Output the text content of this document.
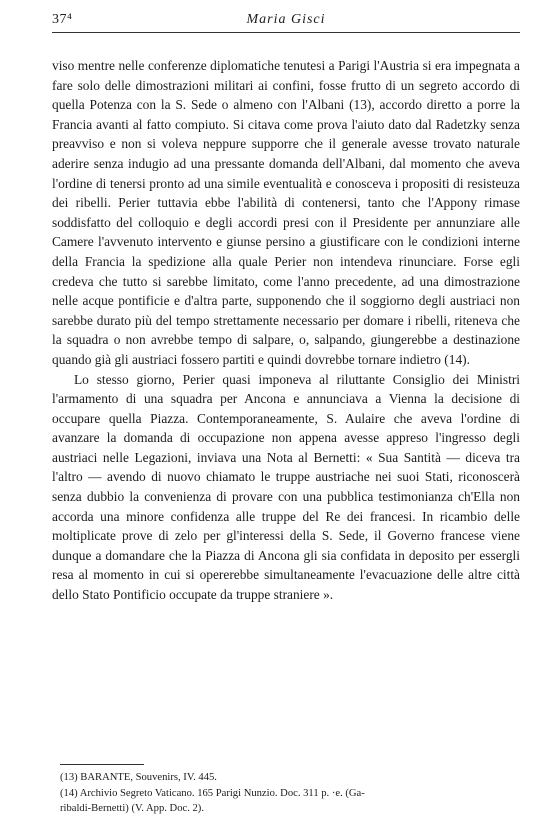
37⁴	Maria Gisci

viso mentre nelle conferenze diplomatiche tenutesi a Parigi l'Austria si era impegnata a fare solo delle dimostrazioni militari ai confini, fosse frutto di un segreto accordo di quella Potenza con la S. Sede o almeno con l'Albani (13), accordo diretto a porre la Francia avanti al fatto compiuto. Si citava come prova l'aiuto dato dal Radetzky senza preavviso e non si voleva neppure supporre che il generale avesse trovato naturale aderire senza indugio ad una pressante domanda dell'Albani, dal momento che aveva l'ordine di tenersi pronto ad una simile eventualità e conosceva i propositi di resisteuza dei ribelli. Perier tuttavia ebbe l'abilità di contenersi, tanto che l'Appony rimase soddisfatto del colloquio e degli accordi presi con il Presidente per annunziare alle Camere l'avvenuto intervento e giunse persino a giustificare con le condizioni interne della Francia la spedizione alla quale Perier non intendeva rinunciare. Forse egli credeva che tutto si sarebbe limitato, come l'anno precedente, ad una dimostrazione nelle acque pontificie e d'altra parte, supponendo che il soggiorno degli austriaci non sarebbe durato più del tempo strettamente necessario per domare i ribelli, riteneva che la squadra o non avrebbe tempo di salpare, o, salpando, giungerebbe a destinazione quando già gli austriaci fossero partiti e quindi dovrebbe tornare indietro (14).

Lo stesso giorno, Perier quasi imponeva al riluttante Consiglio dei Ministri l'armamento di una squadra per Ancona e annunciava a Vienna la decisione di occupare quella Piazza. Contemporaneamente, S. Aulaire che aveva l'ordine di avanzare la domanda di occupazione non appena avesse appreso l'ingresso degli austriaci nelle Legazioni, inviava una Nota al Bernetti: « Sua Santità — diceva tra l'altro — avendo di nuovo chiamato le truppe austriache nei suoi Stati, riconoscerà senza dubbio la convenienza di provare con una pubblica testimonianza ch'Ella non accorda una minore confidenza alle truppe del Re dei francesi. In ricambio delle moltiplicate prove di zelo per gl'interessi della S. Sede, il Governo francese viene dunque a domandare che la Piazza di Ancona gli sia confidata in deposito per essergli resa al momento in cui si opererebbe simultaneamente l'evacuazione delle altre città dello Stato Pontificio occupate da truppe straniere ».

(13) BARANTE, Souvenirs, IV. 445.

(14) Archivio Segreto Vaticano. 165 Parigi Nunzio. Doc. 311 p. ·e. (Ga-

ribaldi-Bernetti) (V. App. Doc. 2).
